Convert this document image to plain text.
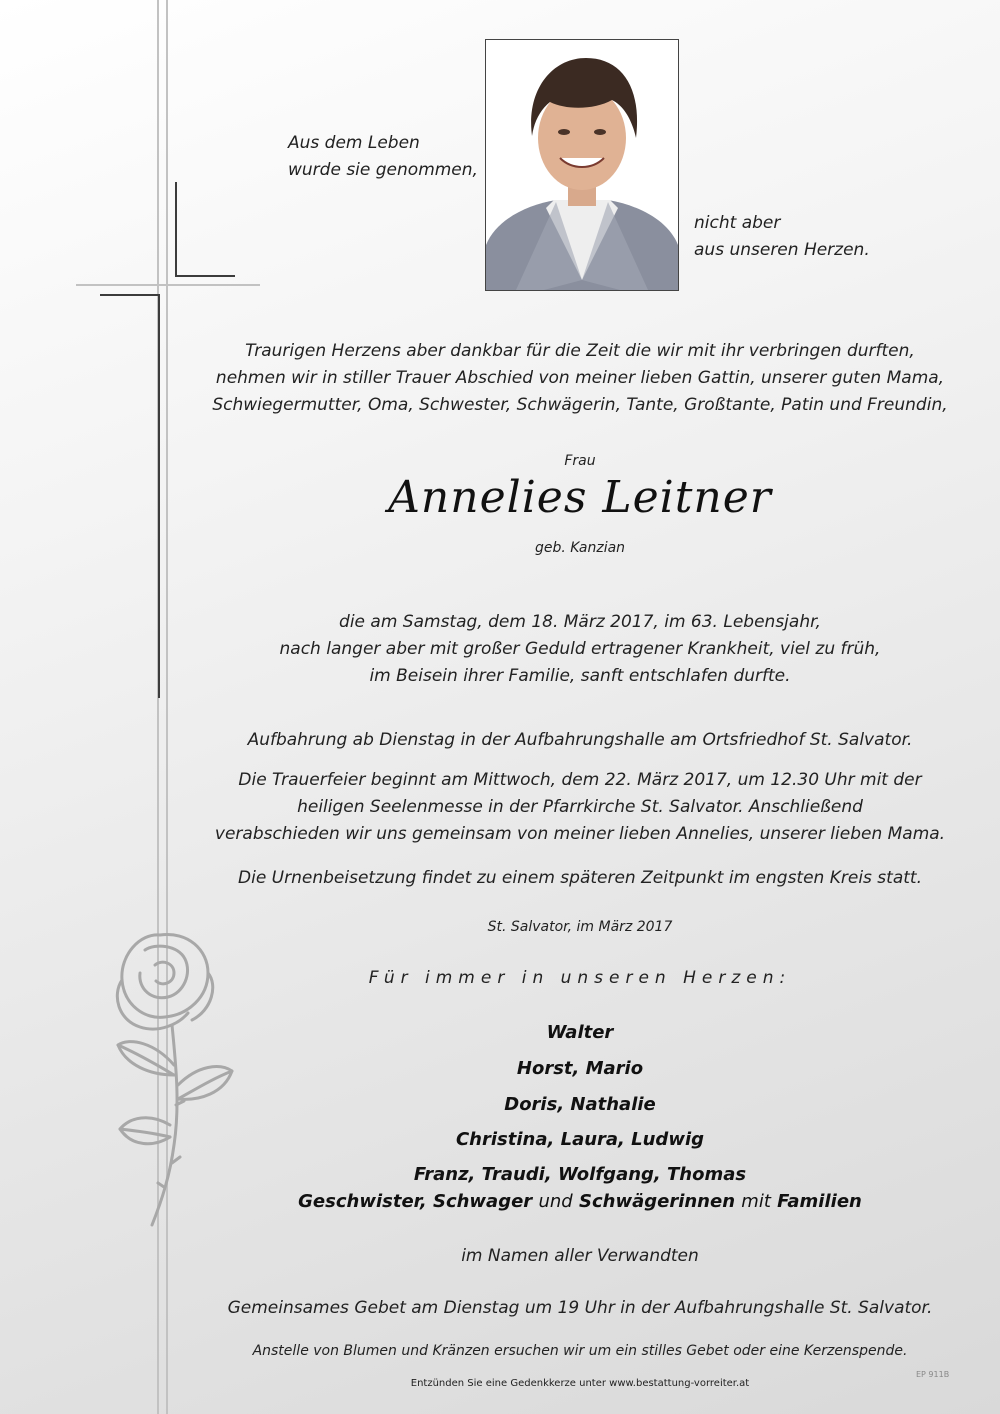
Aus dem Leben
wurde sie genommen,
nicht aber
aus unseren Herzen.
Traurigen Herzens aber dankbar für die Zeit die wir mit ihr verbringen durften,
nehmen wir in stiller Trauer Abschied von meiner lieben Gattin, unserer guten Mama,
Schwiegermutter, Oma, Schwester, Schwägerin, Tante, Großtante, Patin und Freundin,
Frau
Annelies Leitner
geb. Kanzian
die am Samstag, dem 18. März 2017, im 63. Lebensjahr,
nach langer aber mit großer Geduld ertragener Krankheit, viel zu früh,
im Beisein ihrer Familie, sanft entschlafen durfte.
Aufbahrung ab Dienstag in der Aufbahrungshalle am Ortsfriedhof St. Salvator.
Die Trauerfeier beginnt am Mittwoch, dem 22. März 2017, um 12.30 Uhr mit der
heiligen Seelenmesse in der Pfarrkirche St. Salvator. Anschließend
verabschieden wir uns gemeinsam von meiner lieben Annelies, unserer lieben Mama.
Die Urnenbeisetzung findet zu einem späteren Zeitpunkt im engsten Kreis statt.
St. Salvator, im März 2017
Für immer in unseren Herzen:
Walter
Horst, Mario
Doris, Nathalie
Christina, Laura, Ludwig
Franz, Traudi, Wolfgang, Thomas
Geschwister, Schwager und Schwägerinnen mit Familien
im Namen aller Verwandten
Gemeinsames Gebet am Dienstag um 19 Uhr in der Aufbahrungshalle St. Salvator.
Anstelle von Blumen und Kränzen ersuchen wir um ein stilles Gebet oder eine Kerzenspende.
Entzünden Sie eine Gedenkkerze unter www.bestattung-vorreiter.at
EP 911B
